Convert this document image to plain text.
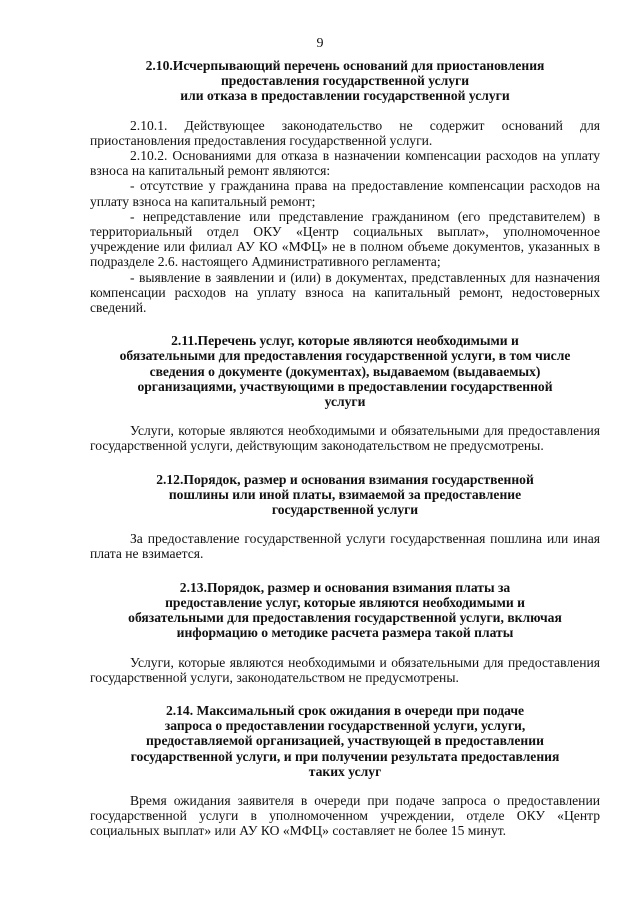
9

2.10.Исчерпывающий перечень оснований для приостановления

предоставления государственной услуги

или отказа в предоставлении государственной услуги

2.10.1. Действующее законодательство не содержит оснований для приостановления предоставления государственной услуги.

2.10.2. Основаниями для отказа в назначении компенсации расходов на уплату взноса на капитальный ремонт являются:

- отсутствие у гражданина права на предоставление компенсации расходов на уплату взноса на капитальный ремонт;

- непредставление или представление гражданином (его представителем) в территориальный отдел ОКУ «Центр социальных выплат», уполномоченное учреждение или филиал АУ КО «МФЦ» не в полном объеме документов, указанных в подразделе 2.6. настоящего Административного регламента;

- выявление в заявлении и (или) в документах, представленных для назначения компенсации расходов на уплату взноса на капитальный ремонт, недостоверных сведений.

2.11.Перечень услуг, которые являются необходимыми и

обязательными для предоставления государственной услуги, в том числе

сведения о документе (документах), выдаваемом (выдаваемых)

организациями, участвующими в предоставлении государственной

услуги

Услуги, которые являются необходимыми и обязательными для предоставления государственной услуги, действующим законодательством не предусмотрены.

2.12.Порядок, размер и основания взимания государственной

пошлины или иной платы, взимаемой за предоставление

государственной услуги

За предоставление государственной услуги государственная пошлина или иная плата не взимается.

2.13.Порядок, размер и основания взимания платы за

предоставление услуг, которые являются необходимыми и

обязательными для предоставления государственной услуги, включая

информацию о методике расчета размера такой платы

Услуги, которые являются необходимыми и обязательными для предоставления государственной услуги, законодательством не предусмотрены.

2.14. Максимальный срок ожидания в очереди при подаче

запроса о предоставлении государственной услуги, услуги,

предоставляемой организацией, участвующей в предоставлении

государственной услуги, и при получении результата предоставления

таких услуг

Время ожидания заявителя в очереди при подаче запроса о предоставлении государственной услуги в уполномоченном учреждении, отделе ОКУ «Центр социальных выплат» или АУ КО «МФЦ» составляет не более 15 минут.
